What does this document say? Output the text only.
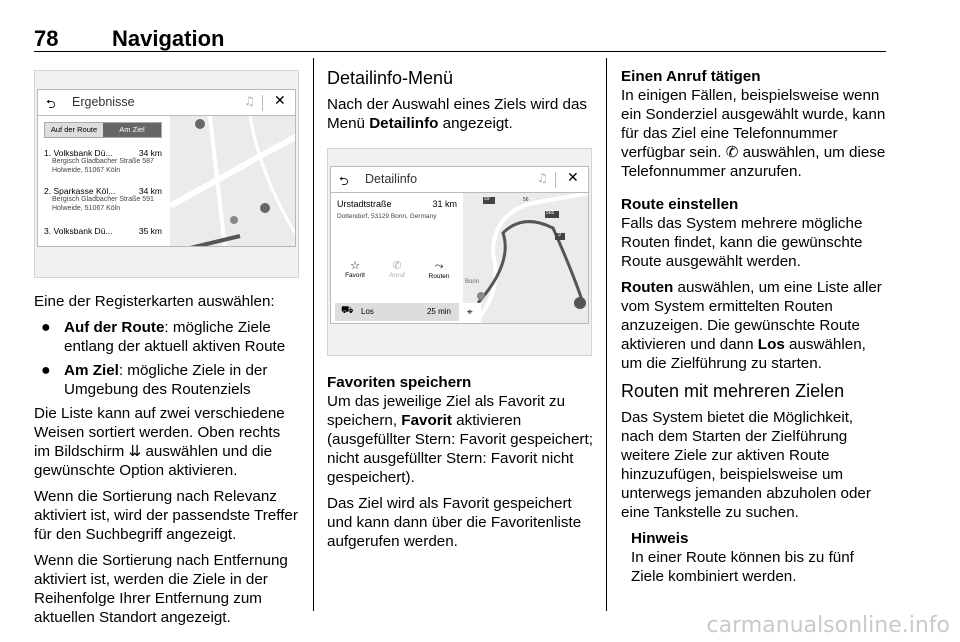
78 Navigation
⮌ Ergebnisse	♫ ✕
Auf der Route	Am Ziel
1. Volksbank Dü...	34 km
Bergisch Gladbacher Straße 587
Holweide, 51067 Köln
2. Sparkasse Köl...	34 km
Bergisch Gladbacher Straße 591
Holweide, 51067 Köln
3. Volksbank Dü...	35 km
⮌ Detailinfo	♫ ✕
Urstadtstraße	31 km
Dottendorf, 53129 Bonn, Germany
☆
Favorit
✆
Anruf
⤳
Routen
⛟ Los	25 min
59	56
565
9
Bonn
⌖

Eine der Registerkarten auswählen:

● Auf der Route: mögliche Ziele entlang der aktuell aktiven Route
● Am Ziel: mögliche Ziele in der Umgebung des Routenziels

Die Liste kann auf zwei verschiedene Weisen sortiert werden. Oben rechts im Bildschirm ⇊ auswählen und die gewünschte Option aktivieren.

Wenn die Sortierung nach Relevanz aktiviert ist, wird der passendste Treffer für den Suchbegriff angezeigt.

Wenn die Sortierung nach Entfernung aktiviert ist, werden die Ziele in der Reihenfolge Ihrer Entfernung zum aktuellen Standort angezeigt.

Detailinfo-Menü

Nach der Auswahl eines Ziels wird das Menü Detailinfo angezeigt.

Favoriten speichern

Um das jeweilige Ziel als Favorit zu speichern, Favorit aktivieren (ausgefüllter Stern: Favorit gespeichert; nicht ausgefüllter Stern: Favorit nicht gespeichert).

Das Ziel wird als Favorit gespeichert und kann dann über die Favoritenliste aufgerufen werden.

Einen Anruf tätigen

In einigen Fällen, beispielsweise wenn ein Sonderziel ausgewählt wurde, kann für das Ziel eine Telefonnummer verfügbar sein. ✆ auswählen, um diese Telefonnummer anzurufen.

Route einstellen

Falls das System mehrere mögliche Routen findet, kann die gewünschte Route ausgewählt werden.

Routen auswählen, um eine Liste aller vom System ermittelten Routen anzuzeigen. Die gewünschte Route aktivieren und dann Los auswählen, um die Zielführung zu starten.

Routen mit mehreren Zielen

Das System bietet die Möglichkeit, nach dem Starten der Zielführung weitere Ziele zur aktiven Route hinzuzufügen, beispielsweise um unterwegs jemanden abzuholen oder eine Tankstelle zu suchen.

Hinweis

In einer Route können bis zu fünf Ziele kombiniert werden.

carmanualsonline.info
